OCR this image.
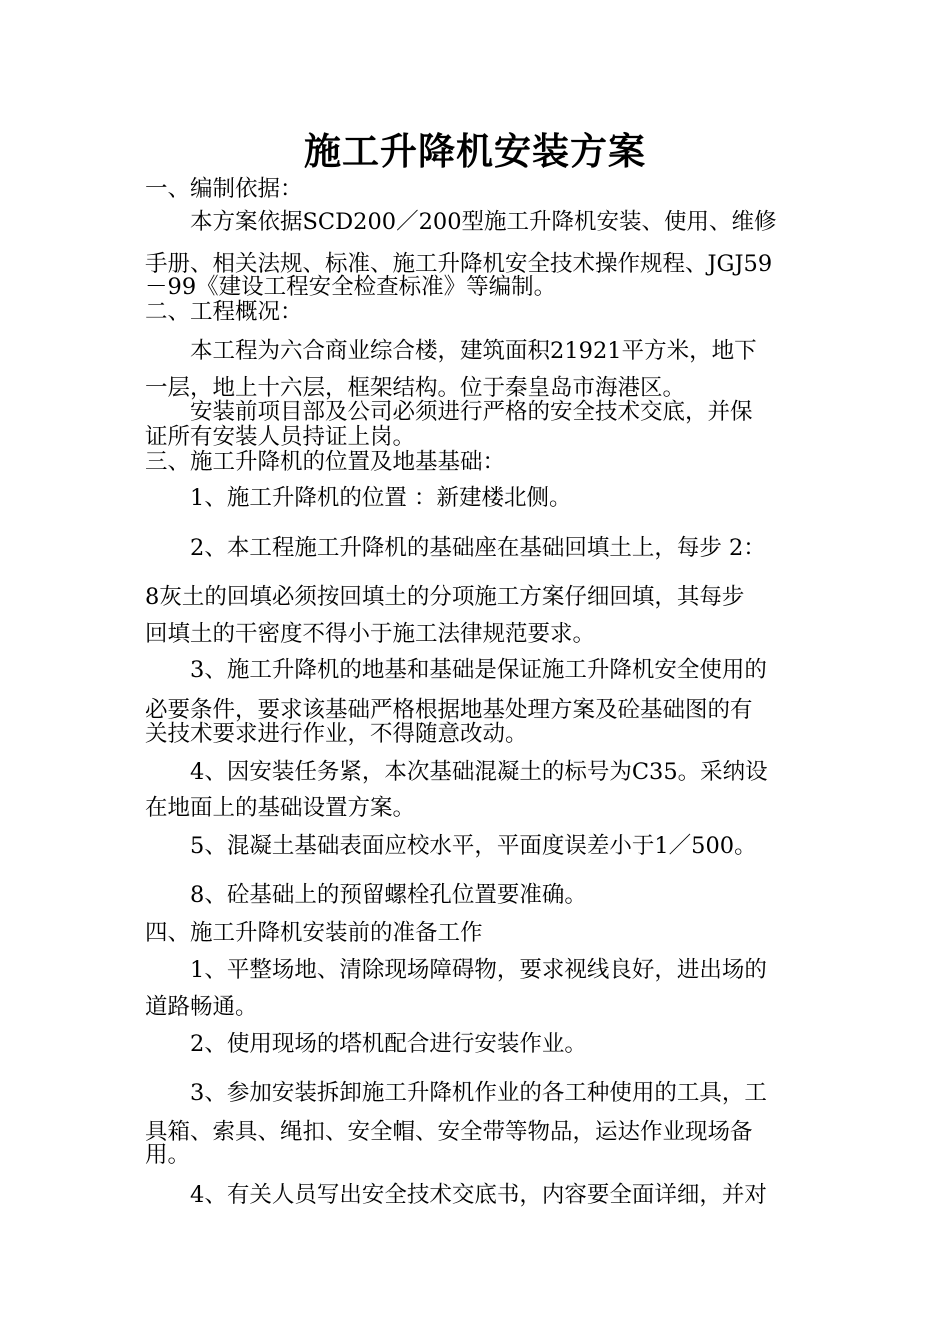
施工升降机安装方案
一、编制依据：
本方案依据SCD200／200型施工升降机安装、使用、维修
手册、相关法规、标准、施工升降机安全技术操作规程、JGJ59
－99《建设工程安全检查标准》等编制。
二、工程概况：
本工程为六合商业综合楼，建筑面积21921平方米，地下
一层，地上十六层，框架结构。位于秦皇岛市海港区。
安装前项目部及公司必须进行严格的安全技术交底，并保
证所有安装人员持证上岗。
三、施工升降机的位置及地基基础：
1、施工升降机的位置 ：新建楼北侧。
2、本工程施工升降机的基础座在基础回填土上，每步 2：
8灰土的回填必须按回填土的分项施工方案仔细回填，其每步
回填土的干密度不得小于施工法律规范要求。
3、施工升降机的地基和基础是保证施工升降机安全使用的
必要条件，要求该基础严格根据地基处理方案及砼基础图的有
关技术要求进行作业，不得随意改动。
4、因安装任务紧，本次基础混凝土的标号为C35。采纳设
在地面上的基础设置方案。
5、混凝土基础表面应校水平，平面度误差小于1／500。
8、砼基础上的预留螺栓孔位置要准确。
四、施工升降机安装前的准备工作
1、平整场地、清除现场障碍物，要求视线良好，进出场的
道路畅通。
2、使用现场的塔机配合进行安装作业。
3、参加安装拆卸施工升降机作业的各工种使用的工具，工
具箱、索具、绳扣、安全帽、安全带等物品，运达作业现场备
用。
4、有关人员写出安全技术交底书，内容要全面详细，并对
